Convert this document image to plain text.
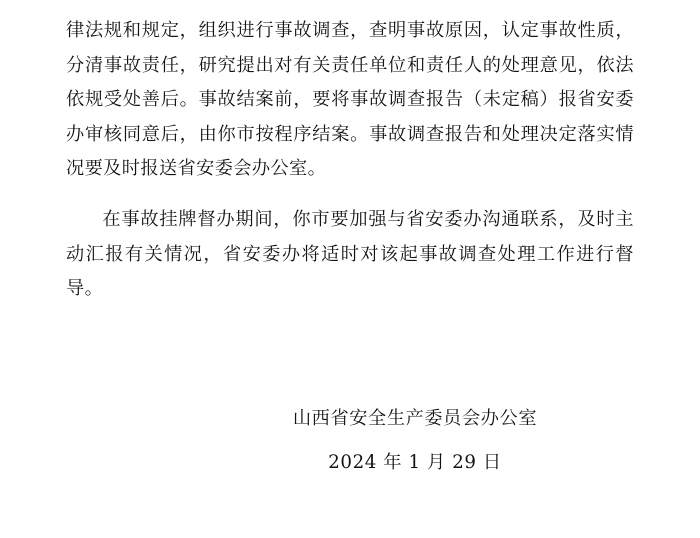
律法规和规定，组织进行事故调查，查明事故原因，认定事故性质，分清事故责任，研究提出对有关责任单位和责任人的处理意见，依法依规受处善后。事故结案前，要将事故调查报告（未定稿）报省安委办审核同意后，由你市按程序结案。事故调查报告和处理决定落实情况要及时报送省安委会办公室。

在事故挂牌督办期间，你市要加强与省安委办沟通联系，及时主动汇报有关情况，省安委办将适时对该起事故调查处理工作进行督导。

山西省安全生产委员会办公室
2024 年 1 月 29 日
